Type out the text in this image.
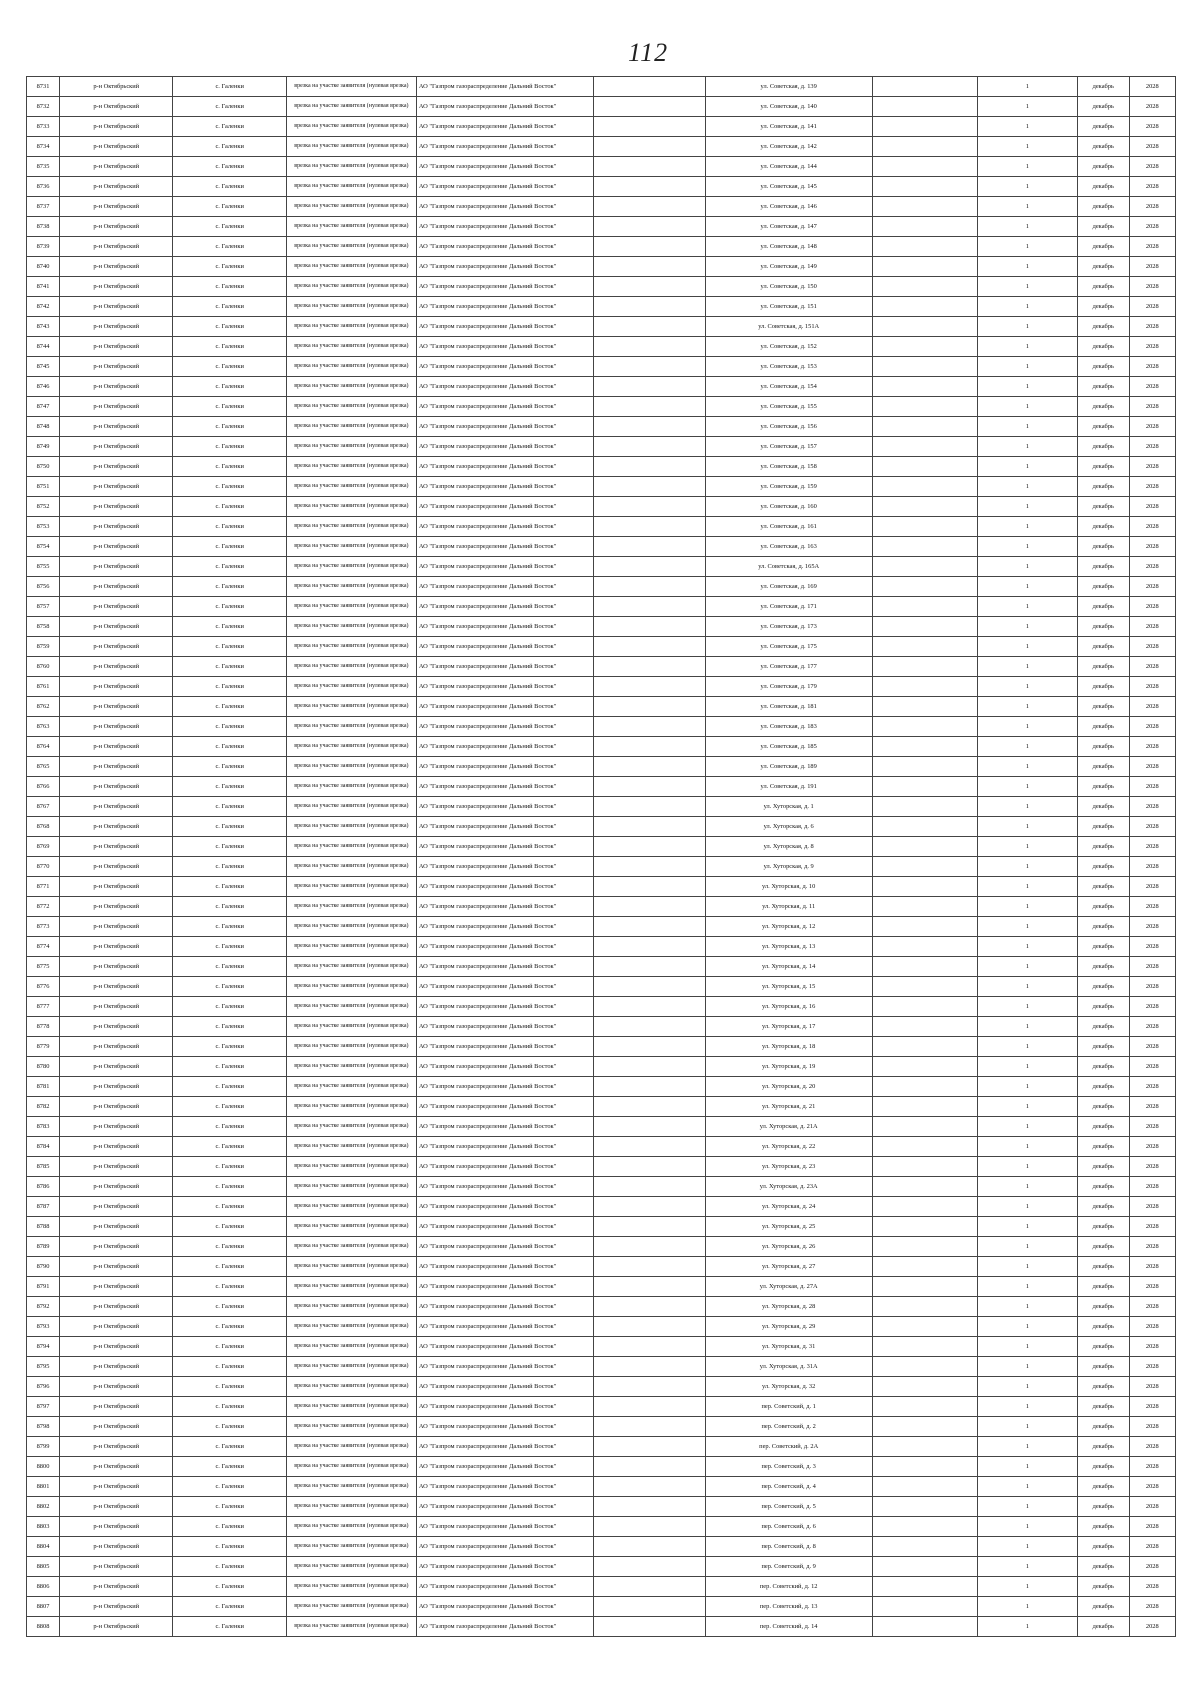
112
8731	р-н Октябрьский	с. Галенки	врезка на участке заявителя (нулевая врезка)	АО "Газпром газораспределение Дальний Восток"		ул. Советская, д. 139		1	декабрь	2028
8732	р-н Октябрьский	с. Галенки	врезка на участке заявителя (нулевая врезка)	АО "Газпром газораспределение Дальний Восток"		ул. Советская, д. 140		1	декабрь	2028
8733	р-н Октябрьский	с. Галенки	врезка на участке заявителя (нулевая врезка)	АО "Газпром газораспределение Дальний Восток"		ул. Советская, д. 141		1	декабрь	2028
8734	р-н Октябрьский	с. Галенки	врезка на участке заявителя (нулевая врезка)	АО "Газпром газораспределение Дальний Восток"		ул. Советская, д. 142		1	декабрь	2028
8735	р-н Октябрьский	с. Галенки	врезка на участке заявителя (нулевая врезка)	АО "Газпром газораспределение Дальний Восток"		ул. Советская, д. 144		1	декабрь	2028
8736	р-н Октябрьский	с. Галенки	врезка на участке заявителя (нулевая врезка)	АО "Газпром газораспределение Дальний Восток"		ул. Советская, д. 145		1	декабрь	2028
8737	р-н Октябрьский	с. Галенки	врезка на участке заявителя (нулевая врезка)	АО "Газпром газораспределение Дальний Восток"		ул. Советская, д. 146		1	декабрь	2028
8738	р-н Октябрьский	с. Галенки	врезка на участке заявителя (нулевая врезка)	АО "Газпром газораспределение Дальний Восток"		ул. Советская, д. 147		1	декабрь	2028
8739	р-н Октябрьский	с. Галенки	врезка на участке заявителя (нулевая врезка)	АО "Газпром газораспределение Дальний Восток"		ул. Советская, д. 148		1	декабрь	2028
8740	р-н Октябрьский	с. Галенки	врезка на участке заявителя (нулевая врезка)	АО "Газпром газораспределение Дальний Восток"		ул. Советская, д. 149		1	декабрь	2028
8741	р-н Октябрьский	с. Галенки	врезка на участке заявителя (нулевая врезка)	АО "Газпром газораспределение Дальний Восток"		ул. Советская, д. 150		1	декабрь	2028
8742	р-н Октябрьский	с. Галенки	врезка на участке заявителя (нулевая врезка)	АО "Газпром газораспределение Дальний Восток"		ул. Советская, д. 151		1	декабрь	2028
8743	р-н Октябрьский	с. Галенки	врезка на участке заявителя (нулевая врезка)	АО "Газпром газораспределение Дальний Восток"		ул. Советская, д. 151А		1	декабрь	2028
8744	р-н Октябрьский	с. Галенки	врезка на участке заявителя (нулевая врезка)	АО "Газпром газораспределение Дальний Восток"		ул. Советская, д. 152		1	декабрь	2028
8745	р-н Октябрьский	с. Галенки	врезка на участке заявителя (нулевая врезка)	АО "Газпром газораспределение Дальний Восток"		ул. Советская, д. 153		1	декабрь	2028
8746	р-н Октябрьский	с. Галенки	врезка на участке заявителя (нулевая врезка)	АО "Газпром газораспределение Дальний Восток"		ул. Советская, д. 154		1	декабрь	2028
8747	р-н Октябрьский	с. Галенки	врезка на участке заявителя (нулевая врезка)	АО "Газпром газораспределение Дальний Восток"		ул. Советская, д. 155		1	декабрь	2028
8748	р-н Октябрьский	с. Галенки	врезка на участке заявителя (нулевая врезка)	АО "Газпром газораспределение Дальний Восток"		ул. Советская, д. 156		1	декабрь	2028
8749	р-н Октябрьский	с. Галенки	врезка на участке заявителя (нулевая врезка)	АО "Газпром газораспределение Дальний Восток"		ул. Советская, д. 157		1	декабрь	2028
8750	р-н Октябрьский	с. Галенки	врезка на участке заявителя (нулевая врезка)	АО "Газпром газораспределение Дальний Восток"		ул. Советская, д. 158		1	декабрь	2028
8751	р-н Октябрьский	с. Галенки	врезка на участке заявителя (нулевая врезка)	АО "Газпром газораспределение Дальний Восток"		ул. Советская, д. 159		1	декабрь	2028
8752	р-н Октябрьский	с. Галенки	врезка на участке заявителя (нулевая врезка)	АО "Газпром газораспределение Дальний Восток"		ул. Советская, д. 160		1	декабрь	2028
8753	р-н Октябрьский	с. Галенки	врезка на участке заявителя (нулевая врезка)	АО "Газпром газораспределение Дальний Восток"		ул. Советская, д. 161		1	декабрь	2028
8754	р-н Октябрьский	с. Галенки	врезка на участке заявителя (нулевая врезка)	АО "Газпром газораспределение Дальний Восток"		ул. Советская, д. 163		1	декабрь	2028
8755	р-н Октябрьский	с. Галенки	врезка на участке заявителя (нулевая врезка)	АО "Газпром газораспределение Дальний Восток"		ул. Советская, д. 165А		1	декабрь	2028
8756	р-н Октябрьский	с. Галенки	врезка на участке заявителя (нулевая врезка)	АО "Газпром газораспределение Дальний Восток"		ул. Советская, д. 169		1	декабрь	2028
8757	р-н Октябрьский	с. Галенки	врезка на участке заявителя (нулевая врезка)	АО "Газпром газораспределение Дальний Восток"		ул. Советская, д. 171		1	декабрь	2028
8758	р-н Октябрьский	с. Галенки	врезка на участке заявителя (нулевая врезка)	АО "Газпром газораспределение Дальний Восток"		ул. Советская, д. 173		1	декабрь	2028
8759	р-н Октябрьский	с. Галенки	врезка на участке заявителя (нулевая врезка)	АО "Газпром газораспределение Дальний Восток"		ул. Советская, д. 175		1	декабрь	2028
8760	р-н Октябрьский	с. Галенки	врезка на участке заявителя (нулевая врезка)	АО "Газпром газораспределение Дальний Восток"		ул. Советская, д. 177		1	декабрь	2028
8761	р-н Октябрьский	с. Галенки	врезка на участке заявителя (нулевая врезка)	АО "Газпром газораспределение Дальний Восток"		ул. Советская, д. 179		1	декабрь	2028
8762	р-н Октябрьский	с. Галенки	врезка на участке заявителя (нулевая врезка)	АО "Газпром газораспределение Дальний Восток"		ул. Советская, д. 181		1	декабрь	2028
8763	р-н Октябрьский	с. Галенки	врезка на участке заявителя (нулевая врезка)	АО "Газпром газораспределение Дальний Восток"		ул. Советская, д. 183		1	декабрь	2028
8764	р-н Октябрьский	с. Галенки	врезка на участке заявителя (нулевая врезка)	АО "Газпром газораспределение Дальний Восток"		ул. Советская, д. 185		1	декабрь	2028
8765	р-н Октябрьский	с. Галенки	врезка на участке заявителя (нулевая врезка)	АО "Газпром газораспределение Дальний Восток"		ул. Советская, д. 189		1	декабрь	2028
8766	р-н Октябрьский	с. Галенки	врезка на участке заявителя (нулевая врезка)	АО "Газпром газораспределение Дальний Восток"		ул. Советская, д. 191		1	декабрь	2028
8767	р-н Октябрьский	с. Галенки	врезка на участке заявителя (нулевая врезка)	АО "Газпром газораспределение Дальний Восток"		ул. Хуторская, д. 1		1	декабрь	2028
8768	р-н Октябрьский	с. Галенки	врезка на участке заявителя (нулевая врезка)	АО "Газпром газораспределение Дальний Восток"		ул. Хуторская, д. 6		1	декабрь	2028
8769	р-н Октябрьский	с. Галенки	врезка на участке заявителя (нулевая врезка)	АО "Газпром газораспределение Дальний Восток"		ул. Хуторская, д. 8		1	декабрь	2028
8770	р-н Октябрьский	с. Галенки	врезка на участке заявителя (нулевая врезка)	АО "Газпром газораспределение Дальний Восток"		ул. Хуторская, д. 9		1	декабрь	2028
8771	р-н Октябрьский	с. Галенки	врезка на участке заявителя (нулевая врезка)	АО "Газпром газораспределение Дальний Восток"		ул. Хуторская, д. 10		1	декабрь	2028
8772	р-н Октябрьский	с. Галенки	врезка на участке заявителя (нулевая врезка)	АО "Газпром газораспределение Дальний Восток"		ул. Хуторская, д. 11		1	декабрь	2028
8773	р-н Октябрьский	с. Галенки	врезка на участке заявителя (нулевая врезка)	АО "Газпром газораспределение Дальний Восток"		ул. Хуторская, д. 12		1	декабрь	2028
8774	р-н Октябрьский	с. Галенки	врезка на участке заявителя (нулевая врезка)	АО "Газпром газораспределение Дальний Восток"		ул. Хуторская, д. 13		1	декабрь	2028
8775	р-н Октябрьский	с. Галенки	врезка на участке заявителя (нулевая врезка)	АО "Газпром газораспределение Дальний Восток"		ул. Хуторская, д. 14		1	декабрь	2028
8776	р-н Октябрьский	с. Галенки	врезка на участке заявителя (нулевая врезка)	АО "Газпром газораспределение Дальний Восток"		ул. Хуторская, д. 15		1	декабрь	2028
8777	р-н Октябрьский	с. Галенки	врезка на участке заявителя (нулевая врезка)	АО "Газпром газораспределение Дальний Восток"		ул. Хуторская, д. 16		1	декабрь	2028
8778	р-н Октябрьский	с. Галенки	врезка на участке заявителя (нулевая врезка)	АО "Газпром газораспределение Дальний Восток"		ул. Хуторская, д. 17		1	декабрь	2028
8779	р-н Октябрьский	с. Галенки	врезка на участке заявителя (нулевая врезка)	АО "Газпром газораспределение Дальний Восток"		ул. Хуторская, д. 18		1	декабрь	2028
8780	р-н Октябрьский	с. Галенки	врезка на участке заявителя (нулевая врезка)	АО "Газпром газораспределение Дальний Восток"		ул. Хуторская, д. 19		1	декабрь	2028
8781	р-н Октябрьский	с. Галенки	врезка на участке заявителя (нулевая врезка)	АО "Газпром газораспределение Дальний Восток"		ул. Хуторская, д. 20		1	декабрь	2028
8782	р-н Октябрьский	с. Галенки	врезка на участке заявителя (нулевая врезка)	АО "Газпром газораспределение Дальний Восток"		ул. Хуторская, д. 21		1	декабрь	2028
8783	р-н Октябрьский	с. Галенки	врезка на участке заявителя (нулевая врезка)	АО "Газпром газораспределение Дальний Восток"		ул. Хуторская, д. 21А		1	декабрь	2028
8784	р-н Октябрьский	с. Галенки	врезка на участке заявителя (нулевая врезка)	АО "Газпром газораспределение Дальний Восток"		ул. Хуторская, д. 22		1	декабрь	2028
8785	р-н Октябрьский	с. Галенки	врезка на участке заявителя (нулевая врезка)	АО "Газпром газораспределение Дальний Восток"		ул. Хуторская, д. 23		1	декабрь	2028
8786	р-н Октябрьский	с. Галенки	врезка на участке заявителя (нулевая врезка)	АО "Газпром газораспределение Дальний Восток"		ул. Хуторская, д. 23А		1	декабрь	2028
8787	р-н Октябрьский	с. Галенки	врезка на участке заявителя (нулевая врезка)	АО "Газпром газораспределение Дальний Восток"		ул. Хуторская, д. 24		1	декабрь	2028
8788	р-н Октябрьский	с. Галенки	врезка на участке заявителя (нулевая врезка)	АО "Газпром газораспределение Дальний Восток"		ул. Хуторская, д. 25		1	декабрь	2028
8789	р-н Октябрьский	с. Галенки	врезка на участке заявителя (нулевая врезка)	АО "Газпром газораспределение Дальний Восток"		ул. Хуторская, д. 26		1	декабрь	2028
8790	р-н Октябрьский	с. Галенки	врезка на участке заявителя (нулевая врезка)	АО "Газпром газораспределение Дальний Восток"		ул. Хуторская, д. 27		1	декабрь	2028
8791	р-н Октябрьский	с. Галенки	врезка на участке заявителя (нулевая врезка)	АО "Газпром газораспределение Дальний Восток"		ул. Хуторская, д. 27А		1	декабрь	2028
8792	р-н Октябрьский	с. Галенки	врезка на участке заявителя (нулевая врезка)	АО "Газпром газораспределение Дальний Восток"		ул. Хуторская, д. 28		1	декабрь	2028
8793	р-н Октябрьский	с. Галенки	врезка на участке заявителя (нулевая врезка)	АО "Газпром газораспределение Дальний Восток"		ул. Хуторская, д. 29		1	декабрь	2028
8794	р-н Октябрьский	с. Галенки	врезка на участке заявителя (нулевая врезка)	АО "Газпром газораспределение Дальний Восток"		ул. Хуторская, д. 31		1	декабрь	2028
8795	р-н Октябрьский	с. Галенки	врезка на участке заявителя (нулевая врезка)	АО "Газпром газораспределение Дальний Восток"		ул. Хуторская, д. 31А		1	декабрь	2028
8796	р-н Октябрьский	с. Галенки	врезка на участке заявителя (нулевая врезка)	АО "Газпром газораспределение Дальний Восток"		ул. Хуторская, д. 32		1	декабрь	2028
8797	р-н Октябрьский	с. Галенки	врезка на участке заявителя (нулевая врезка)	АО "Газпром газораспределение Дальний Восток"		пер. Советский, д. 1		1	декабрь	2028
8798	р-н Октябрьский	с. Галенки	врезка на участке заявителя (нулевая врезка)	АО "Газпром газораспределение Дальний Восток"		пер. Советский, д. 2		1	декабрь	2028
8799	р-н Октябрьский	с. Галенки	врезка на участке заявителя (нулевая врезка)	АО "Газпром газораспределение Дальний Восток"		пер. Советский, д. 2А		1	декабрь	2028
8800	р-н Октябрьский	с. Галенки	врезка на участке заявителя (нулевая врезка)	АО "Газпром газораспределение Дальний Восток"		пер. Советский, д. 3		1	декабрь	2028
8801	р-н Октябрьский	с. Галенки	врезка на участке заявителя (нулевая врезка)	АО "Газпром газораспределение Дальний Восток"		пер. Советский, д. 4		1	декабрь	2028
8802	р-н Октябрьский	с. Галенки	врезка на участке заявителя (нулевая врезка)	АО "Газпром газораспределение Дальний Восток"		пер. Советский, д. 5		1	декабрь	2028
8803	р-н Октябрьский	с. Галенки	врезка на участке заявителя (нулевая врезка)	АО "Газпром газораспределение Дальний Восток"		пер. Советский, д. 6		1	декабрь	2028
8804	р-н Октябрьский	с. Галенки	врезка на участке заявителя (нулевая врезка)	АО "Газпром газораспределение Дальний Восток"		пер. Советский, д. 8		1	декабрь	2028
8805	р-н Октябрьский	с. Галенки	врезка на участке заявителя (нулевая врезка)	АО "Газпром газораспределение Дальний Восток"		пер. Советский, д. 9		1	декабрь	2028
8806	р-н Октябрьский	с. Галенки	врезка на участке заявителя (нулевая врезка)	АО "Газпром газораспределение Дальний Восток"		пер. Советский, д. 12		1	декабрь	2028
8807	р-н Октябрьский	с. Галенки	врезка на участке заявителя (нулевая врезка)	АО "Газпром газораспределение Дальний Восток"		пер. Советский, д. 13		1	декабрь	2028
8808	р-н Октябрьский	с. Галенки	врезка на участке заявителя (нулевая врезка)	АО "Газпром газораспределение Дальний Восток"		пер. Советский, д. 14		1	декабрь	2028
